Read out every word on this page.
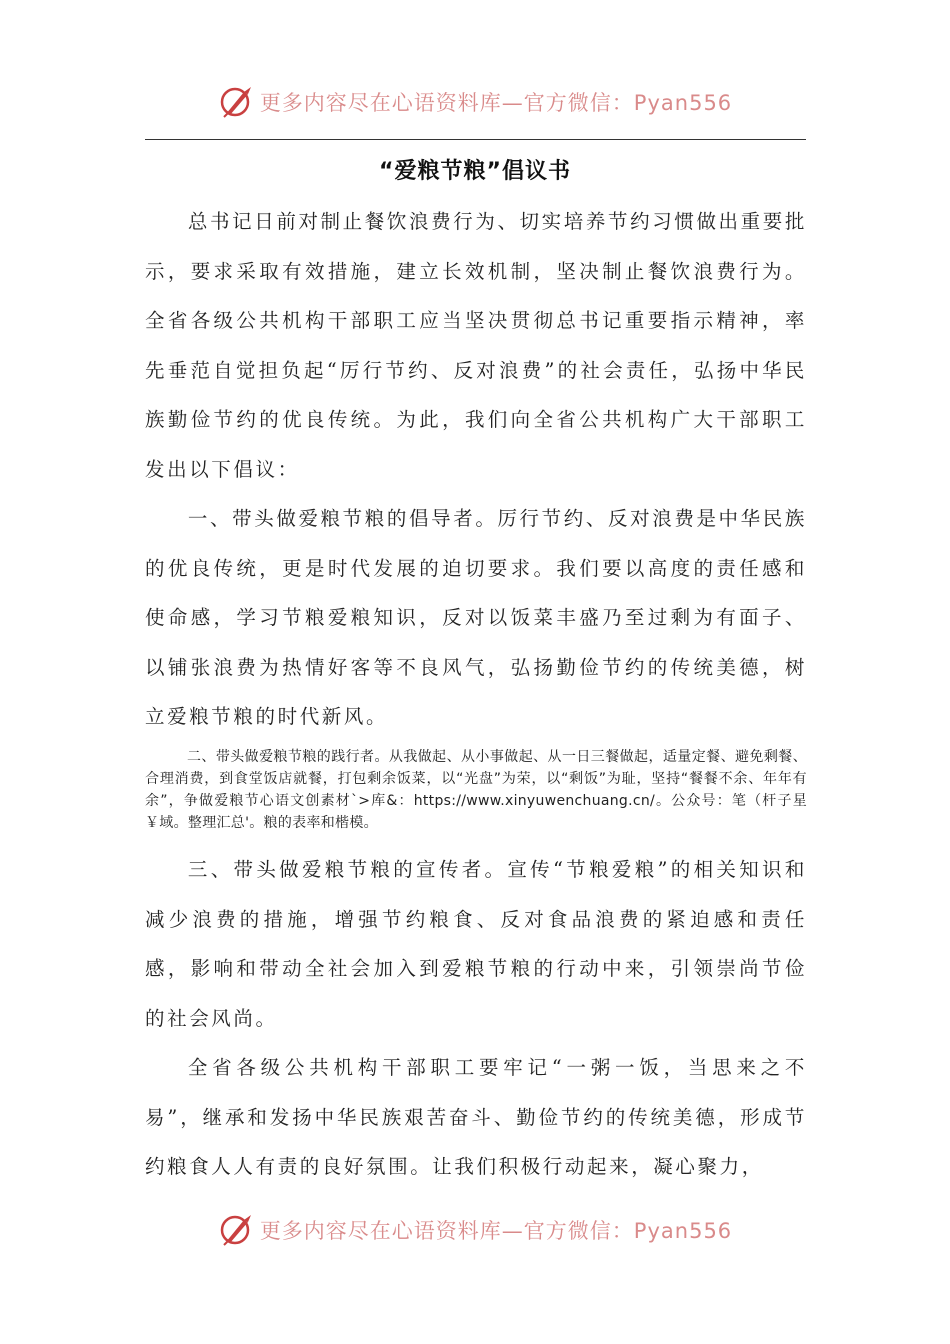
更多内容尽在心语资料库—官方微信：Pyan556
“爱粮节粮”倡议书

总书记日前对制止餐饮浪费行为、切实培养节约习惯做出重要批示，要求采取有效措施，建立长效机制，坚决制止餐饮浪费行为。全省各级公共机构干部职工应当坚决贯彻总书记重要指示精神，率先垂范自觉担负起“厉行节约、反对浪费”的社会责任，弘扬中华民族勤俭节约的优良传统。为此，我们向全省公共机构广大干部职工发出以下倡议：

一、带头做爱粮节粮的倡导者。厉行节约、反对浪费是中华民族的优良传统，更是时代发展的迫切要求。我们要以高度的责任感和使命感，学习节粮爱粮知识，反对以饭菜丰盛乃至过剩为有面子、以铺张浪费为热情好客等不良风气，弘扬勤俭节约的传统美德，树立爱粮节粮的时代新风。

二、带头做爱粮节粮的践行者。从我做起、从小事做起、从一日三餐做起，适量定餐、避免剩餐、合理消费，到食堂饭店就餐，打包剩余饭菜，以“光盘”为荣，以“剩饭”为耻，坚持“餐餐不余、年年有余”，争做爱粮节心语文创素材`>库&：https://www.xinyuwenchuang.cn/。公众号：笔（杆子星￥域。整理汇总'。粮的表率和楷模。

三、带头做爱粮节粮的宣传者。宣传“节粮爱粮”的相关知识和减少浪费的措施，增强节约粮食、反对食品浪费的紧迫感和责任感，影响和带动全社会加入到爱粮节粮的行动中来，引领崇尚节俭的社会风尚。

全省各级公共机构干部职工要牢记“一粥一饭，当思来之不易”，继承和发扬中华民族艰苦奋斗、勤俭节约的传统美德，形成节约粮食人人有责的良好氛围。让我们积极行动起来，凝心聚力，

更多内容尽在心语资料库—官方微信：Pyan556
